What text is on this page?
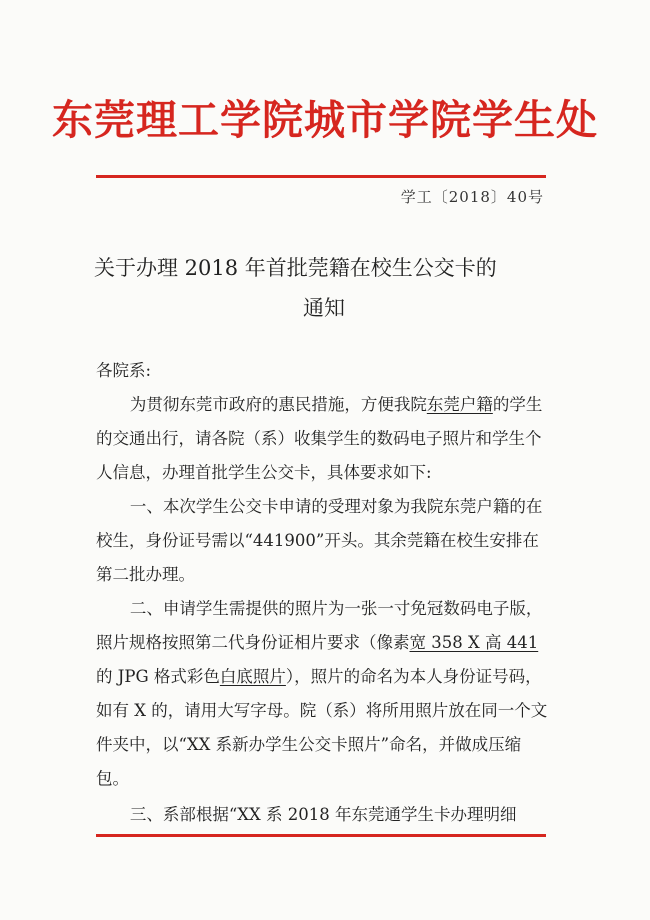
东莞理工学院城市学院学生处
学工〔2018〕40号
关于办理 2018 年首批莞籍在校生公交卡的
通知

各院系:

为贯彻东莞市政府的惠民措施，方便我院东莞户籍的学生的交通出行，请各院（系）收集学生的数码电子照片和学生个人信息，办理首批学生公交卡，具体要求如下:

一、本次学生公交卡申请的受理对象为我院东莞户籍的在校生，身份证号需以“441900”开头。其余莞籍在校生安排在第二批办理。

二、申请学生需提供的照片为一张一寸免冠数码电子版，照片规格按照第二代身份证相片要求（像素宽 358 X 高 441的 JPG 格式彩色白底照片），照片的命名为本人身份证号码，如有 X 的，请用大写字母。院（系）将所用照片放在同一个文件夹中，以“XX 系新办学生公交卡照片”命名，并做成压缩包。

三、系部根据“XX 系 2018 年东莞通学生卡办理明细
